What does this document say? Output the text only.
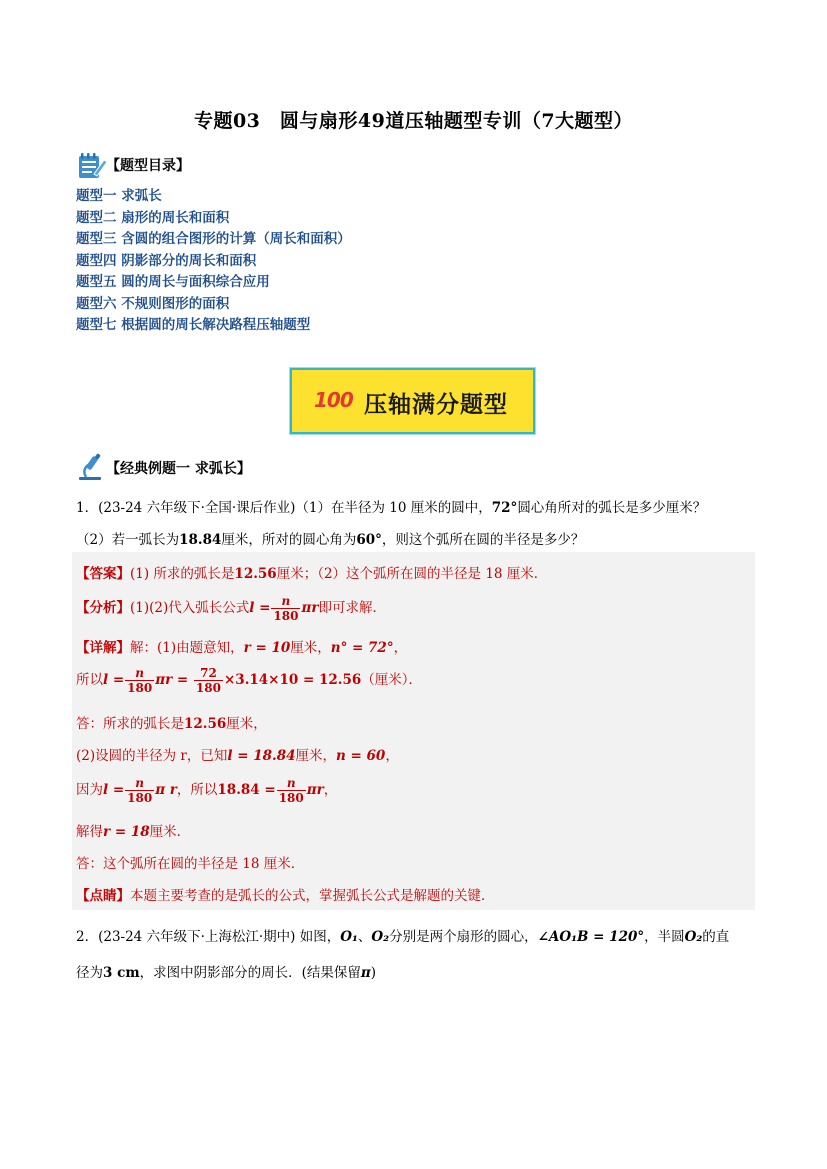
专题03　圆与扇形49道压轴题型专训（7大题型）
【题型目录】
题型一 求弧长
题型二 扇形的周长和面积
题型三 含圆的组合图形的计算（周长和面积）
题型四 阴影部分的周长和面积
题型五 圆的周长与面积综合应用
题型六 不规则图形的面积
题型七 根据圆的周长解决路程压轴题型
100 压轴满分题型
【经典例题一 求弧长】
1．(23-24 六年级下·全国·课后作业)（1）在半径为 10 厘米的圆中，72°圆心角所对的弧长是多少厘米？
（2）若一弧长为18.84厘米，所对的圆心角为60°，则这个弧所在圆的半径是多少？
【答案】(1) 所求的弧长是12.56厘米；（2）这个弧所在圆的半径是 18 厘米．
【分析】(1)(2)代入弧长公式$l = \frac{n}{180}$ πr即可求解．
【详解】解：(1)由题意知，r = 10厘米，n° = 72°，
所以$l = \frac{n}{180}$ $\pi r = \frac{72}{180} \times 3.14\times 10 = 12.56$（厘米）．
答：所求的弧长是12.56厘米，
(2)设圆的半径为 r，已知l = 18.84厘米，n = 60，
因为$l = \frac{n}{180}$ π r，所以$18.84 = \frac{n}{180}$ πr，
解得r = 18厘米．
答：这个弧所在圆的半径是 18 厘米．
【点睛】本题主要考查的是弧长的公式，掌握弧长公式是解题的关键．
2．(23-24 六年级下·上海松江·期中) 如图，O₁、O₂分别是两个扇形的圆心，∠AO₁B = 120°，半圆O₂的直
径为3 cm，求图中阴影部分的周长．(结果保留π)
